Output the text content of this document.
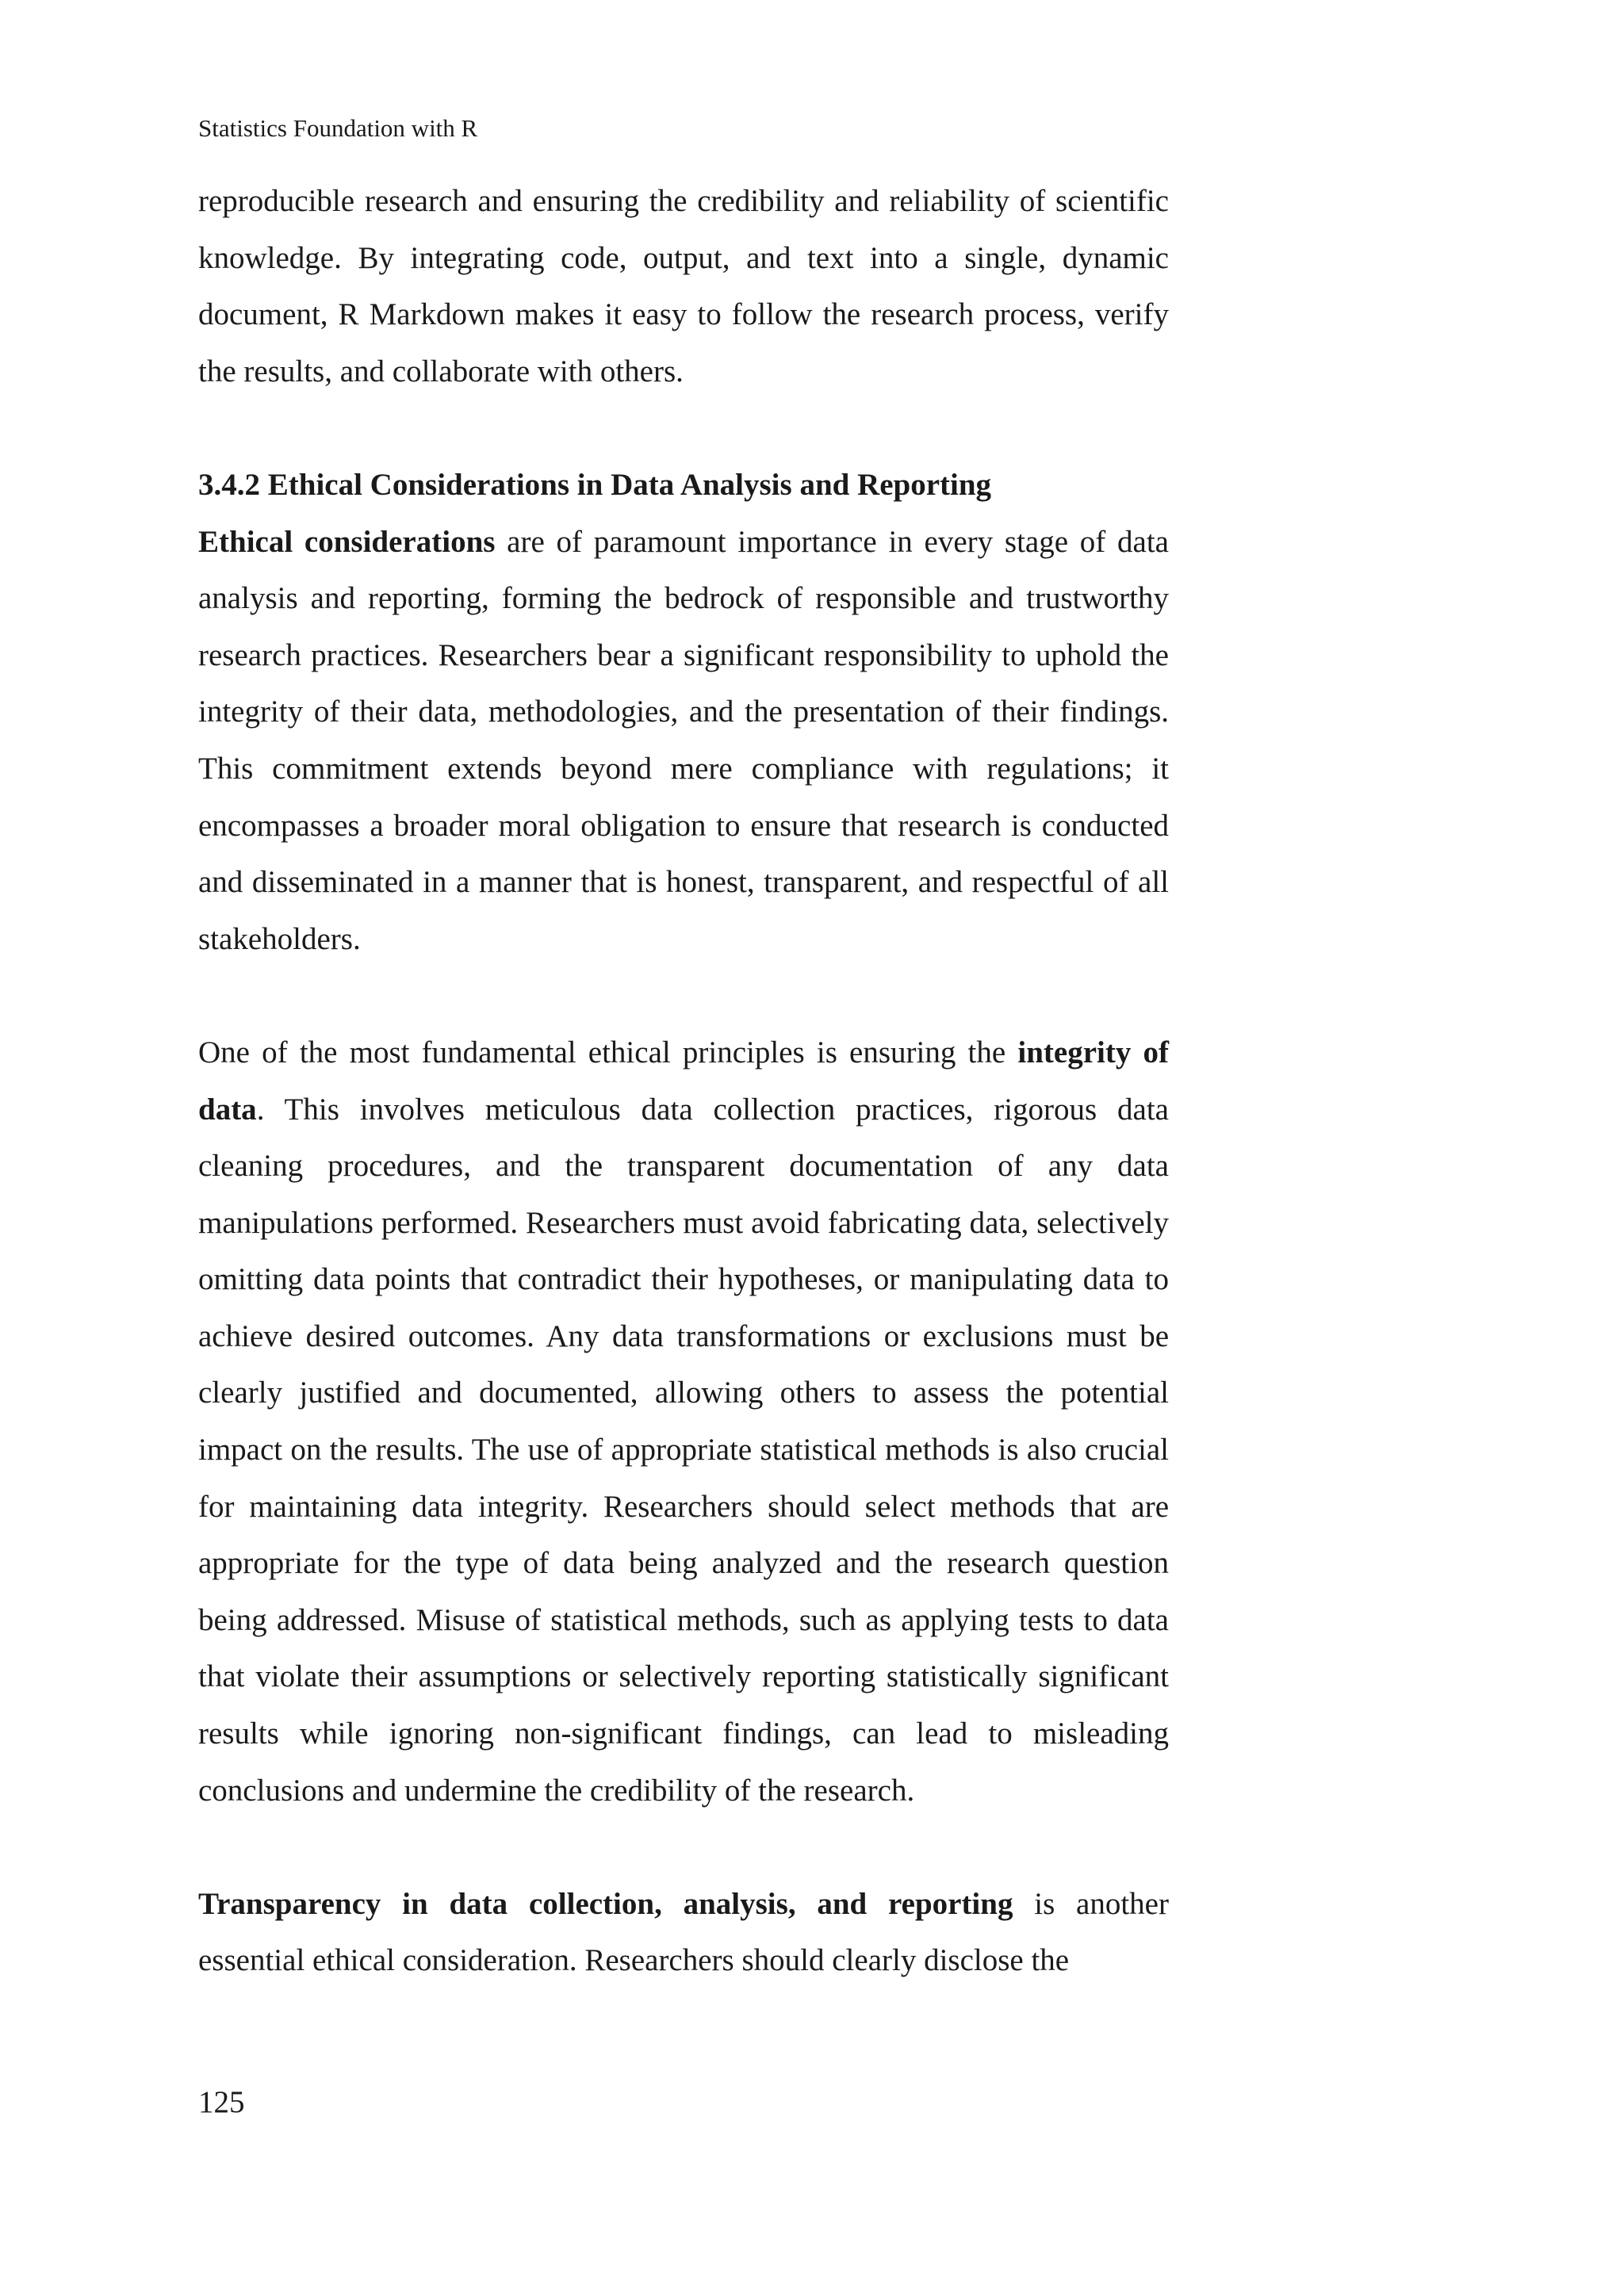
Statistics Foundation with R

reproducible research and ensuring the credibility and reliability of scientific knowledge. By integrating code, output, and text into a single, dynamic document, R Markdown makes it easy to follow the research process, verify the results, and collaborate with others.

3.4.2 Ethical Considerations in Data Analysis and Reporting

Ethical considerations are of paramount importance in every stage of data analysis and reporting, forming the bedrock of responsible and trustworthy research practices. Researchers bear a significant responsibility to uphold the integrity of their data, methodologies, and the presentation of their findings. This commitment extends beyond mere compliance with regulations; it encompasses a broader moral obligation to ensure that research is conducted and disseminated in a manner that is honest, transparent, and respectful of all stakeholders.

One of the most fundamental ethical principles is ensuring the integrity of data. This involves meticulous data collection practices, rigorous data cleaning procedures, and the transparent documentation of any data manipulations performed. Researchers must avoid fabricating data, selectively omitting data points that contradict their hypotheses, or manipulating data to achieve desired outcomes. Any data transformations or exclusions must be clearly justified and documented, allowing others to assess the potential impact on the results. The use of appropriate statistical methods is also crucial for maintaining data integrity. Researchers should select methods that are appropriate for the type of data being analyzed and the research question being addressed. Misuse of statistical methods, such as applying tests to data that violate their assumptions or selectively reporting statistically significant results while ignoring non-significant findings, can lead to misleading conclusions and undermine the credibility of the research.

Transparency in data collection, analysis, and reporting is another essential ethical consideration. Researchers should clearly disclose the

125
